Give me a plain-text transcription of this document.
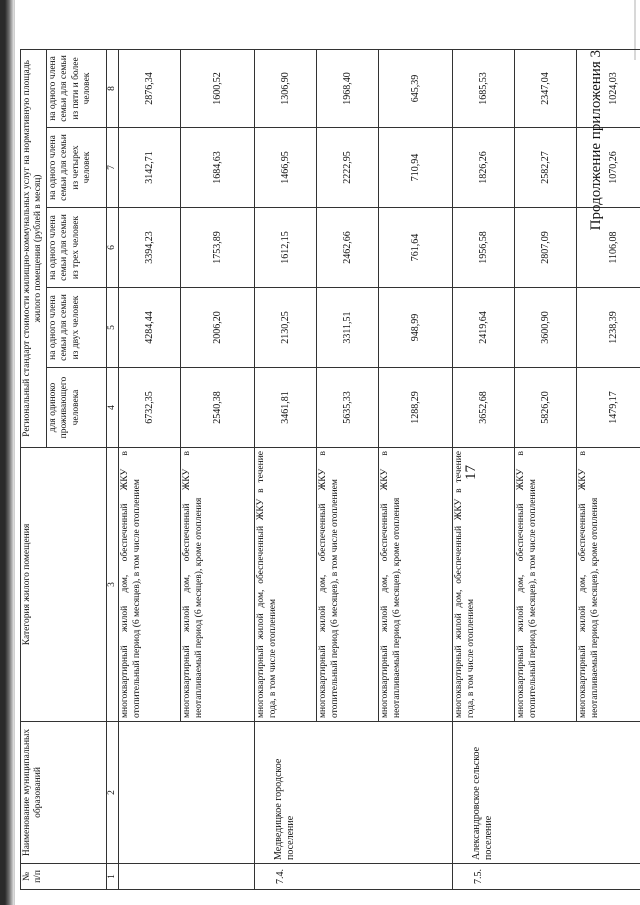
№ п/п	Наименование муниципальных образований	Категория жилого помещения	Региональный стандарт стоимости жилищно-коммунальных услуг на нормативную площадь жилого помещения (рублей в месяц)				
			для одиноко проживающего человека	на одного члена семьи для семьи из двух человек	на одного члена семьи для семьи из трех человек	на одного члена семьи для семьи из четырех человек	на одного члена семьи для семьи из пяти и более человек
1	2	3	4	5	6	7	8
		многоквартирный жилой дом, обеспеченный ЖКУ в отопительный период (6 месяцев), в том числе отоплением	6732,35	4284,44	3394,23	3142,71	2876,34
		многоквартирный жилой дом, обеспеченный ЖКУ в неотапливаемый период (6 месяцев), кроме отопления	2540,38	2006,20	1753,89	1684,63	1600,52
7.4.	Медведицкое городское поселение	многоквартирный жилой дом, обеспеченный ЖКУ в течение года, в том числе отоплением	3461,81	2130,25	1612,15	1466,95	1306,90
		многоквартирный жилой дом, обеспеченный ЖКУ в отопительный период (6 месяцев), в том числе отоплением	5635,33	3311,51	2462,66	2222,95	1968,40
		многоквартирный жилой дом, обеспеченный ЖКУ в неотапливаемый период (6 месяцев), кроме отопления	1288,29	948,99	761,64	710,94	645,39
7.5.	Александровское сельское поселение	многоквартирный жилой дом, обеспеченный ЖКУ в течение года, в том числе отоплением	3652,68	2419,64	1956,58	1826,26	1685,53
		многоквартирный жилой дом, обеспеченный ЖКУ в отопительный период (6 месяцев), в том числе отоплением	5826,20	3600,90	2807,09	2582,27	2347,04
		многоквартирный жилой дом, обеспеченный ЖКУ в неотапливаемый период (6 месяцев), кроме отопления	1479,17	1238,39	1106,08	1070,26	1024,03
17
Продолжение приложения 3
